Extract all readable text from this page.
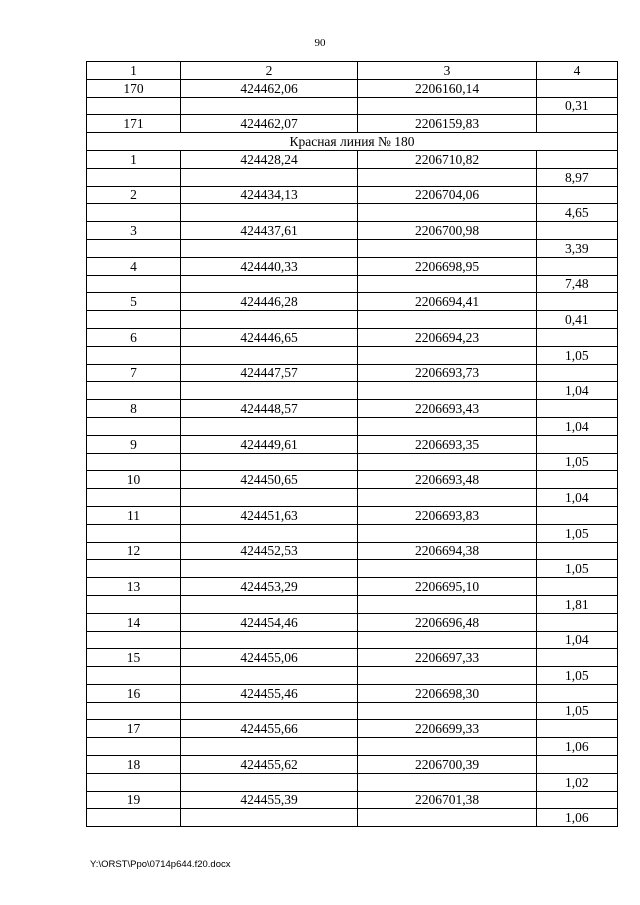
90
1	2	3	4
170	424462,06	2206160,14	
			0,31
171	424462,07	2206159,83	
Красная линия № 180			
1	424428,24	2206710,82	
			8,97
2	424434,13	2206704,06	
			4,65
3	424437,61	2206700,98	
			3,39
4	424440,33	2206698,95	
			7,48
5	424446,28	2206694,41	
			0,41
6	424446,65	2206694,23	
			1,05
7	424447,57	2206693,73	
			1,04
8	424448,57	2206693,43	
			1,04
9	424449,61	2206693,35	
			1,05
10	424450,65	2206693,48	
			1,04
11	424451,63	2206693,83	
			1,05
12	424452,53	2206694,38	
			1,05
13	424453,29	2206695,10	
			1,81
14	424454,46	2206696,48	
			1,04
15	424455,06	2206697,33	
			1,05
16	424455,46	2206698,30	
			1,05
17	424455,66	2206699,33	
			1,06
18	424455,62	2206700,39	
			1,02
19	424455,39	2206701,38	
			1,06
Y:\ORST\Ppo\0714p644.f20.docx
